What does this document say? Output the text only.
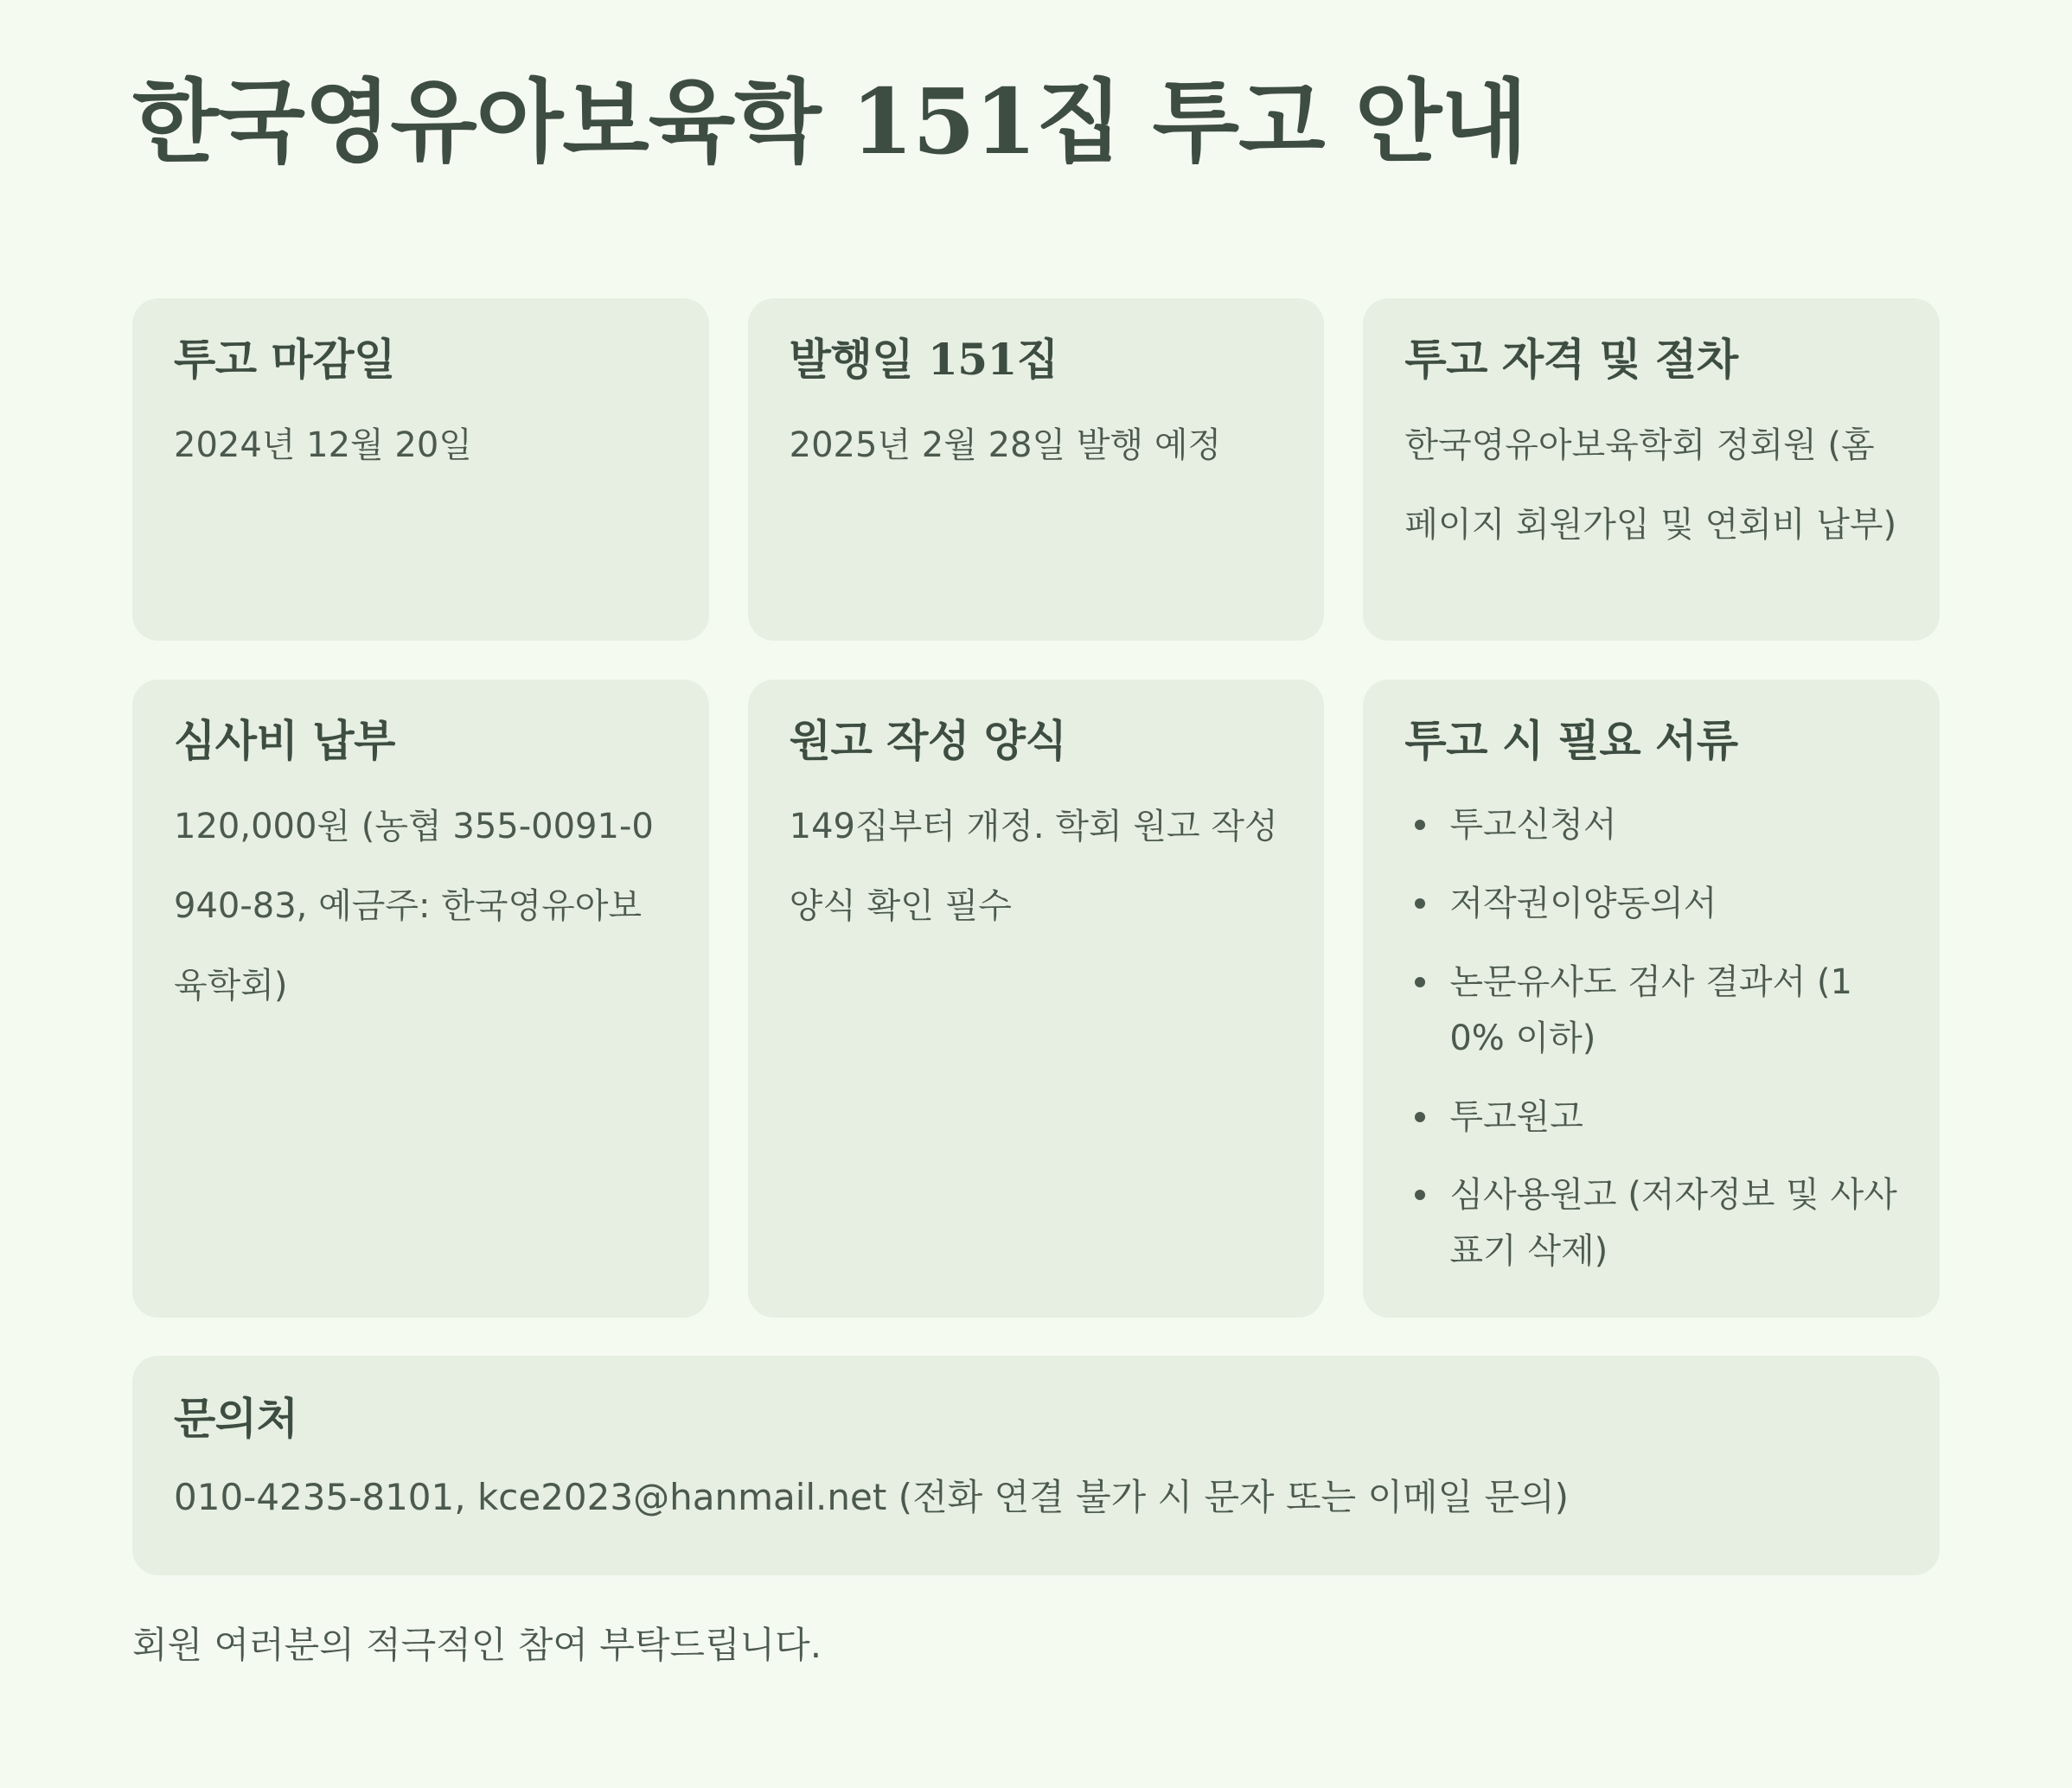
한국영유아보육학 151집 투고 안내
투고 마감일

2024년 12월 20일

발행일 151집

2025년 2월 28일 발행 예정

투고 자격 및 절차

한국영유아보육학회 정회원 (홈페이지 회원가입 및 연회비 납부)

심사비 납부

120,000원 (농협 355-0091-0940-83, 예금주: 한국영유아보육학회)

원고 작성 양식

149집부터 개정. 학회 원고 작성 양식 확인 필수

투고 시 필요 서류
투고신청서
저작권이양동의서
논문유사도 검사 결과서 (10% 이하)
투고원고
심사용원고 (저자정보 및 사사표기 삭제)
문의처

010-4235-8101, kce2023@hanmail.net (전화 연결 불가 시 문자 또는 이메일 문의)

회원 여러분의 적극적인 참여 부탁드립니다.
